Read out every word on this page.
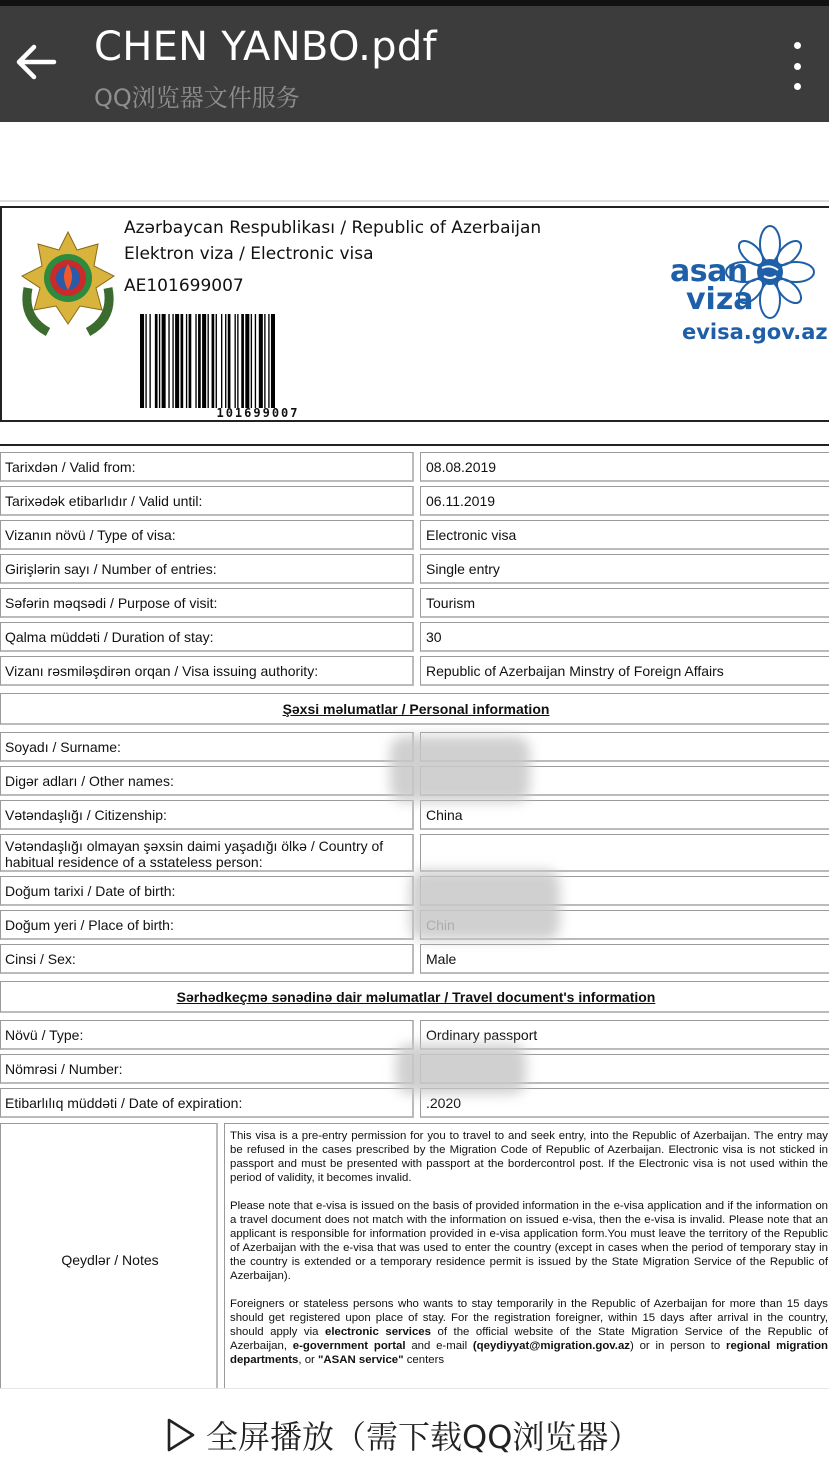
CHEN YANBO.pdf
QQ浏览器文件服务
Azərbaycan Respublikası / Republic of Azerbaijan
Elektron viza / Electronic visa
AE101699007
101699007
asan
viza
evisa.gov.az
Tarixdən / Valid from:	08.08.2019
Tarixədək etibarlıdır / Valid until:	06.11.2019
Vizanın növü / Type of visa:	Electronic visa
Girişlərin sayı / Number of entries:	Single entry
Səfərin məqsədi / Purpose of visit:	Tourism
Qalma müddəti / Duration of stay:	30
Vizanı rəsmiləşdirən orqan / Visa issuing authority:	Republic of Azerbaijan Minstry of Foreign Affairs
Şəxsi məlumatlar / Personal information
Soyadı / Surname:
Digər adları / Other names:
Vətəndaşlığı / Citizenship:	China
Vətəndaşlığı olmayan şəxsin daimi yaşadığı ölkə / Country of habitual residence of a sstateless person:
Doğum tarixi / Date of birth:
Doğum yeri / Place of birth:
Cinsi / Sex:	Male
Sərhədkeçmə sənədinə dair məlumatlar / Travel document's information
Növü / Type:	Ordinary passport
Nömrəsi / Number:
Etibarlılıq müddəti / Date of expiration:	.2020
Qeydlər / Notes

This visa is a pre-entry permission for you to travel to and seek entry, into the Republic of Azerbaijan. The entry may be refused in the cases prescribed by the Migration Code of Republic of Azerbaijan. Electronic visa is not sticked in passport and must be presented with passport at the bordercontrol post. If the Electronic visa is not used within the period of validity, it becomes invalid.

Please note that e-visa is issued on the basis of provided information in the e-visa application and if the information on a travel document does not match with the information on issued e-visa, then the e-visa is invalid. Please note that an applicant is responsible for information provided in e-visa application form.You must leave the territory of the Republic of Azerbaijan with the e-visa that was used to enter the country (except in cases when the period of temporary stay in the country is extended or a temporary residence permit is issued by the State Migration Service of the Republic of Azerbaijan).

Foreigners or stateless persons who wants to stay temporarily in the Republic of Azerbaijan for more than 15 days should get registered upon place of stay. For the registration foreigner, within 15 days after arrival in the country, should apply via electronic services of the official website of the State Migration Service of the Republic of Azerbaijan, e-government portal and e-mail (qeydiyyat@migration.gov.az) or in person to regional migration departments, or "ASAN service" centers

全屏播放（需下载QQ浏览器）
